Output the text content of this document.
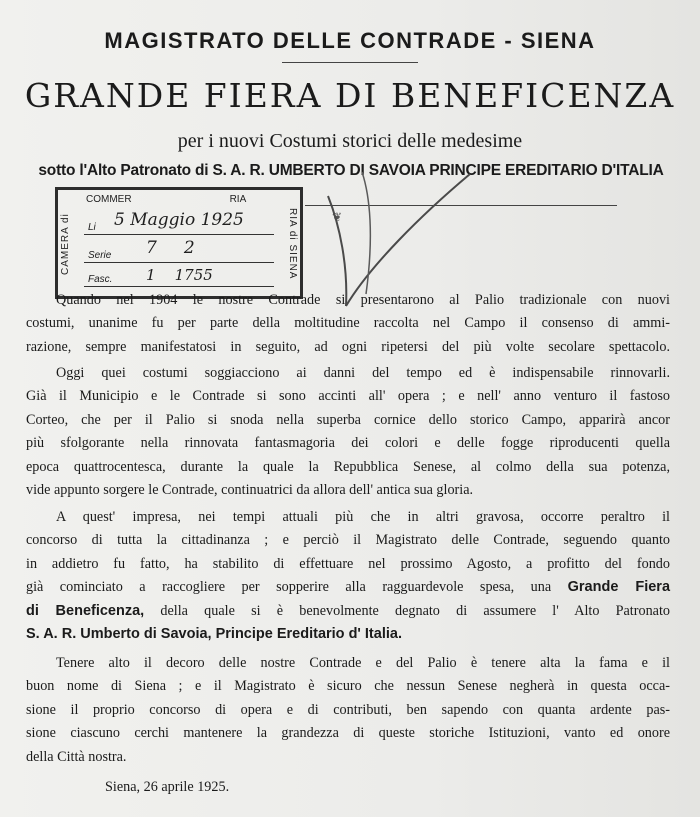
MAGISTRATO DELLE CONTRADE - SIENA
GRANDE FIERA DI BENEFICENZA
per i nuovi Costumi storici delle medesime
sotto l'Alto Patronato di S. A. R. UMBERTO DI SAVOIA PRINCIPE EREDITARIO D'ITALIA
❦
CAMERA di	RIA di SIENA
COMMER	RIA
Li 5 Maggio 1925
Serie 7     2
Fasc. 1    1755
Quando nel 1904 le nostre Contrade si presentarono al Palio tradizionale con nuovi
costumi, unanime fu per parte della moltitudine raccolta nel Campo il consenso di ammi-
razione, sempre manifestatosi in seguito, ad ogni ripetersi del più volte secolare spettacolo.
Oggi quei costumi soggiacciono ai danni del tempo ed è indispensabile rinnovarli.
Già il Municipio e le Contrade si sono accinti all' opera ; e nell' anno venturo il fastoso
Corteo, che per il Palio si snoda nella superba cornice dello storico Campo, apparirà ancor
più sfolgorante nella rinnovata fantasmagoria dei colori e delle fogge riproducenti quella
epoca quattrocentesca, durante la quale la Repubblica Senese, al colmo della sua potenza,
vide appunto sorgere le Contrade, continuatrici da allora dell' antica sua gloria.
A quest' impresa, nei tempi attuali più che in altri gravosa, occorre peraltro il
concorso di tutta la cittadinanza ; e perciò il Magistrato delle Contrade, seguendo quanto
in addietro fu fatto, ha stabilito di effettuare nel prossimo Agosto, a profitto del fondo
già cominciato a raccogliere per sopperire alla ragguardevole spesa, una Grande Fiera
di Beneficenza, della quale si è benevolmente degnato di assumere l' Alto Patronato
S. A. R. Umberto di Savoia, Principe Ereditario d' Italia.
Tenere alto il decoro delle nostre Contrade e del Palio è tenere alta la fama e il
buon nome di Siena ; e il Magistrato è sicuro che nessun Senese negherà in questa occa-
sione il proprio concorso di opera e di contributi, ben sapendo con quanta ardente pas-
sione ciascuno cerchi mantenere la grandezza di queste storiche Istituzioni, vanto ed onore
della Città nostra.
Siena, 26 aprile 1925.
